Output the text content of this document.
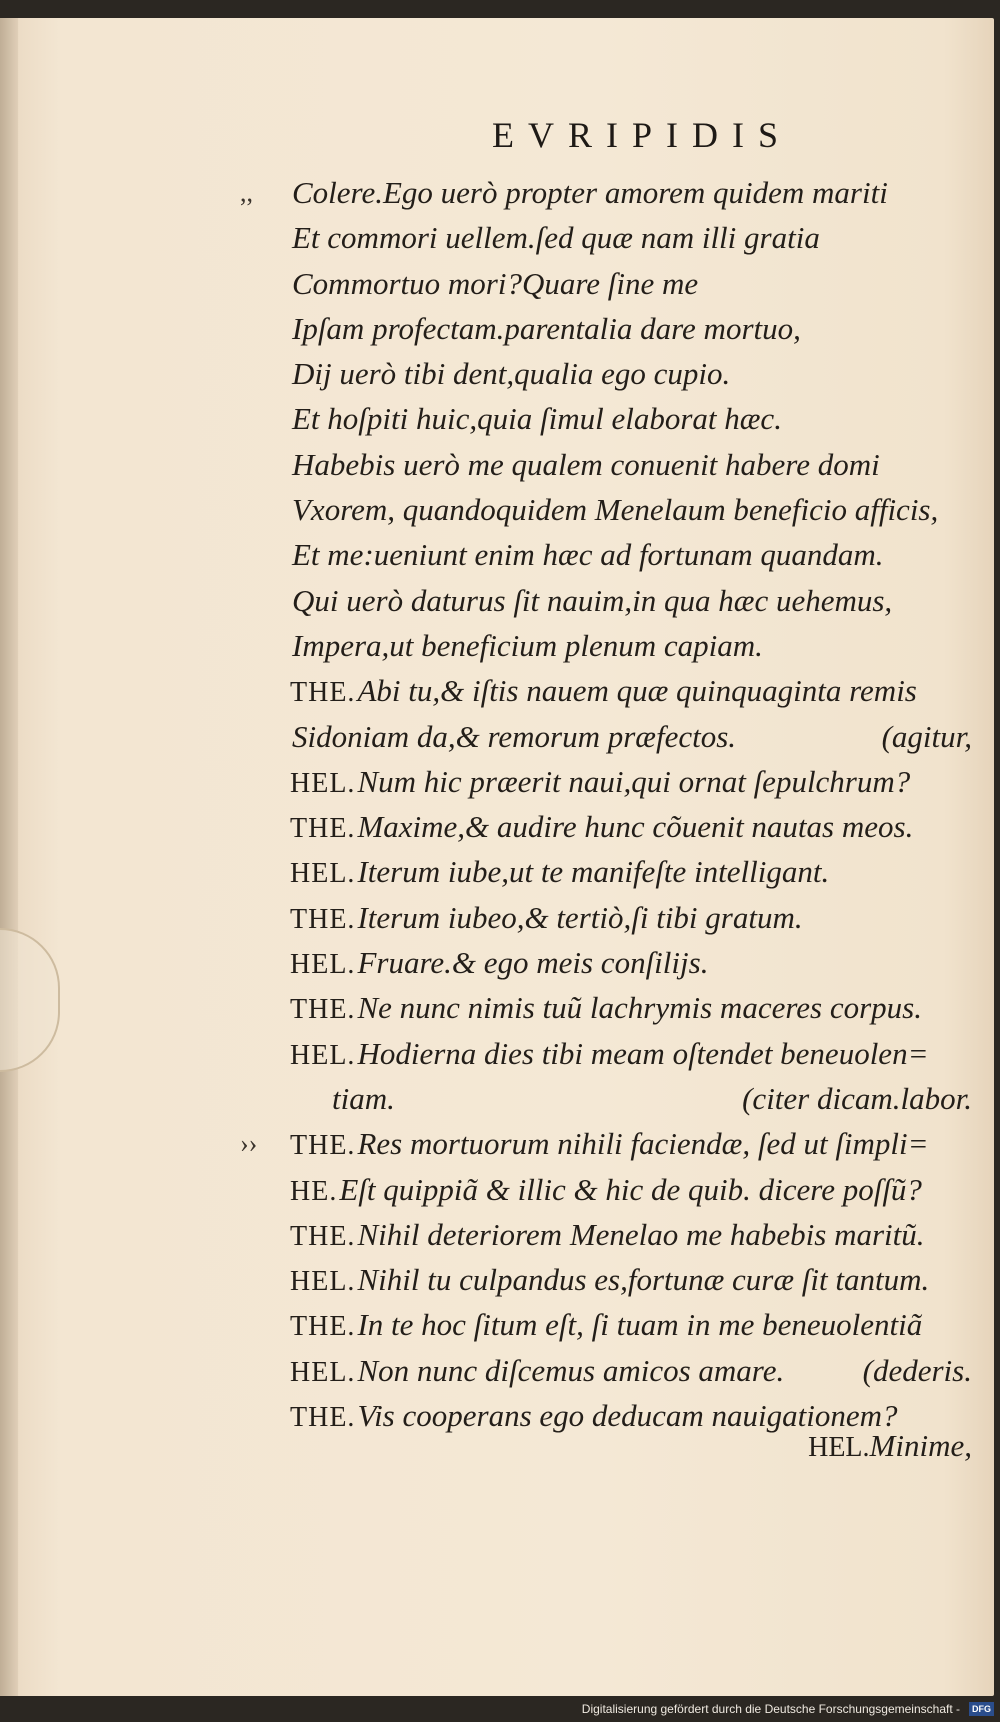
EVRIPIDIS
,, Colere.Ego uerò propter amorem quidem mariti
Et commori uellem.ſed quæ nam illi gratia
Commortuo mori?Quare ſine me
Ipſam profectam.parentalia dare mortuo,
Dij uerò tibi dent,qualia ego cupio.
Et hoſpiti huic,quia ſimul elaborat hæc.
Habebis uerò me qualem conuenit habere domi
Vxorem, quandoquidem Menelaum beneficio afficis,
Et me:ueniunt enim hæc ad fortunam quandam.
Qui uerò daturus ſit nauim,in qua hæc uehemus,
Impera,ut beneficium plenum capiam.
THE.Abi tu,& iſtis nauem quæ quinquaginta remis
Sidoniam da,& remorum præfectos.	(agitur,
HEL.Num hic præerit naui,qui ornat ſepulchrum?
THE.Maxime,& audire hunc cõuenit nautas meos.
HEL.Iterum iube,ut te manifeſte intelligant.
THE.Iterum iubeo,& tertiò,ſi tibi gratum.
HEL.Fruare.& ego meis conſilijs.
THE.Ne nunc nimis tuũ lachrymis maceres corpus.
HEL.Hodierna dies tibi meam oſtendet beneuolen=
tiam.	(citer dicam.labor.
›› THE.Res mortuorum nihili faciendæ, ſed ut ſimpli=
HE.Eſt quippiã & illic & hic de quib. dicere poſſũ?
THE.Nihil deteriorem Menelao me habebis maritũ.
HEL.Nihil tu culpandus es,fortunæ curæ ſit tantum.
THE.In te hoc ſitum eſt, ſi tuam in me beneuolentiã
HEL.Non nunc diſcemus amicos amare.	(dederis.
THE.Vis cooperans ego deducam nauigationem?
HEL.Minime,
Digitalisierung gefördert durch die Deutsche Forschungsgemeinschaft -	DFG
